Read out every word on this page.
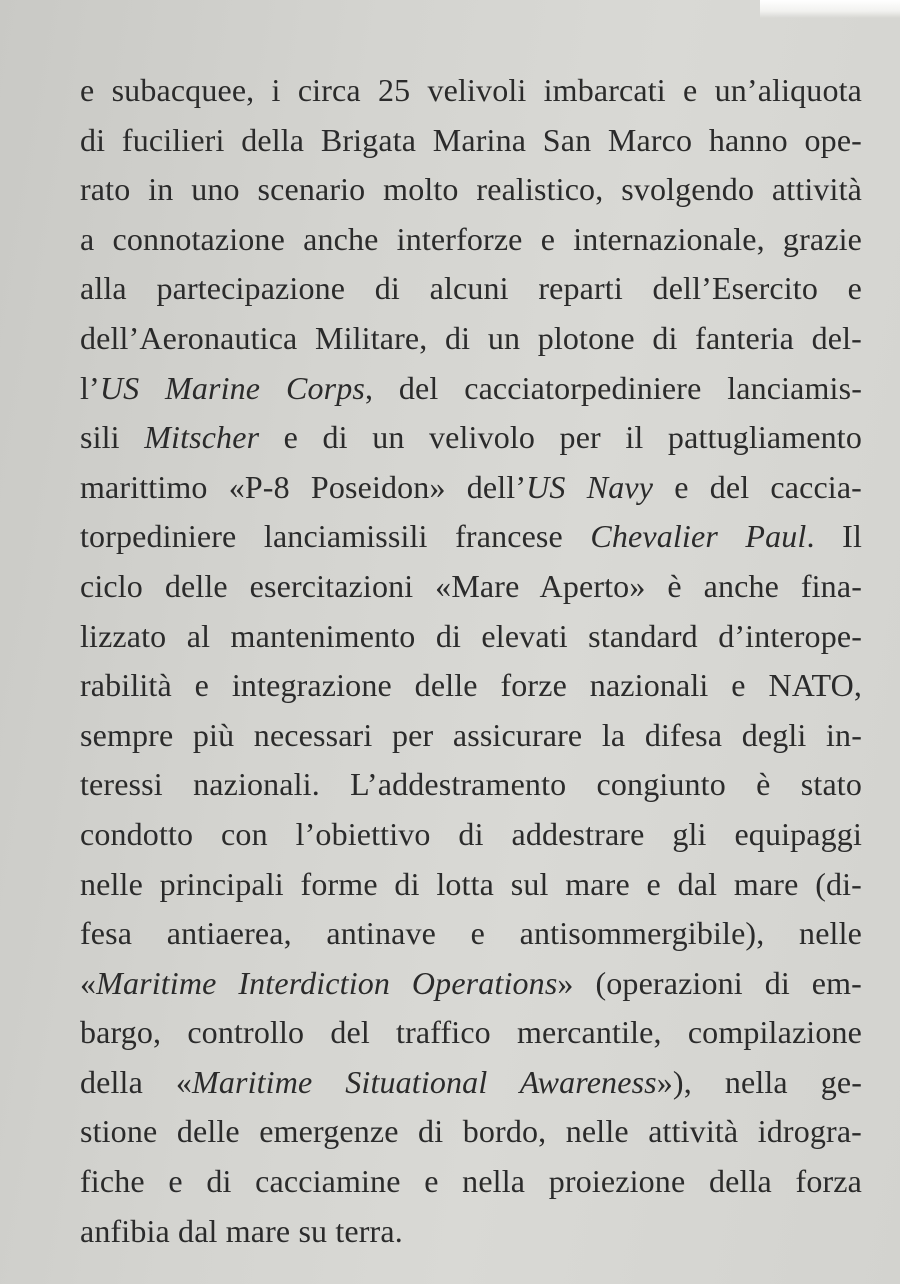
e subacquee, i circa 25 velivoli imbarcati e un’aliquota
di fucilieri della Brigata Marina San Marco hanno ope-
rato in uno scenario molto realistico, svolgendo attività
a connotazione anche interforze e internazionale, grazie
alla partecipazione di alcuni reparti dell’Esercito e
dell’Aeronautica Militare, di un plotone di fanteria del-
l’US Marine Corps, del cacciatorpediniere lanciamis-
sili Mitscher e di un velivolo per il pattugliamento
marittimo «P-8 Poseidon» dell’US Navy e del caccia-
torpediniere lanciamissili francese Chevalier Paul. Il
ciclo delle esercitazioni «Mare Aperto» è anche fina-
lizzato al mantenimento di elevati standard d’interope-
rabilità e integrazione delle forze nazionali e NATO,
sempre più necessari per assicurare la difesa degli in-
teressi nazionali. L’addestramento congiunto è stato
condotto con l’obiettivo di addestrare gli equipaggi
nelle principali forme di lotta sul mare e dal mare (di-
fesa antiaerea, antinave e antisommergibile), nelle
«Maritime Interdiction Operations» (operazioni di em-
bargo, controllo del traffico mercantile, compilazione
della «Maritime Situational Awareness»), nella ge-
stione delle emergenze di bordo, nelle attività idrogra-
fiche e di cacciamine e nella proiezione della forza
anfibia dal mare su terra.
